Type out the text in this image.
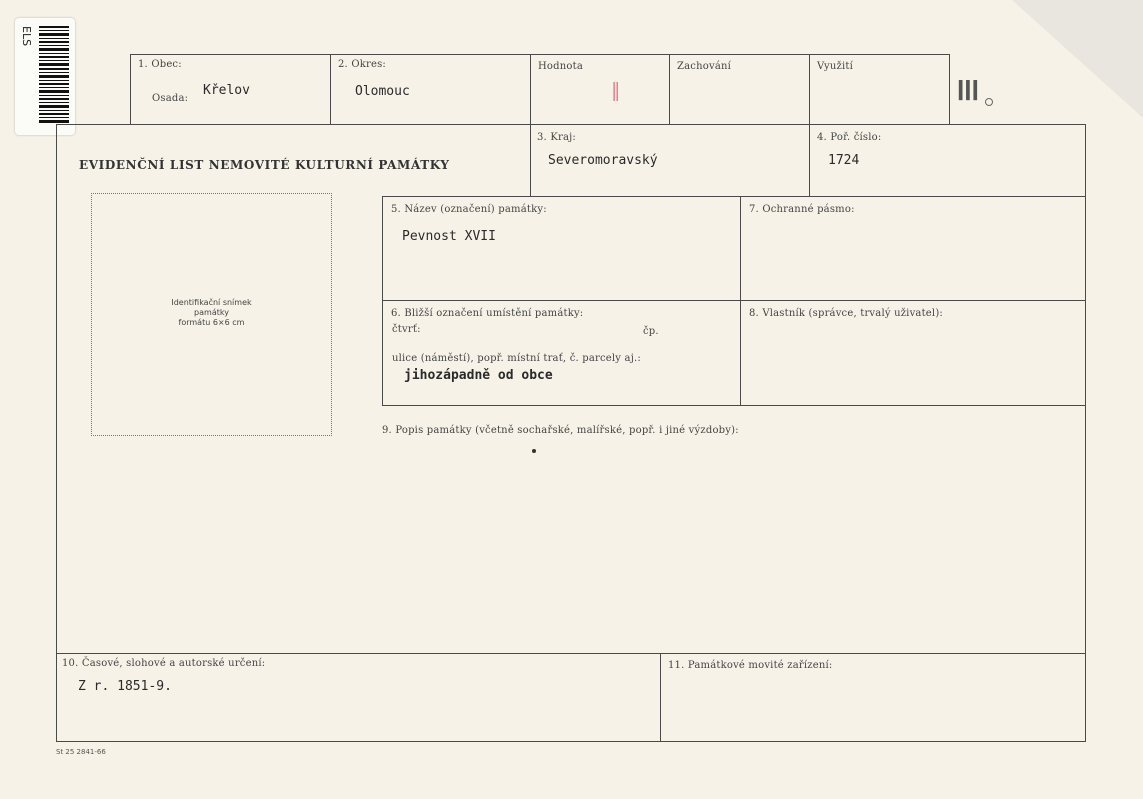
ELS
1. Obec:
Osada:
Křelov
2. Okres:
Olomouc
Hodnota
II
Zachování	Využití
III
EVIDENČNÍ LIST NEMOVITÉ KULTURNÍ PAMÁTKY
3. Kraj:
Severomoravský
4. Poř. číslo:
1724
Identifikační snímek
památky
formátu 6×6 cm
5. Název (označení) památky:
Pevnost XVII
7. Ochranné pásmo:
6. Bližší označení umístění památky:
čtvrť:	čp.
ulice (náměstí), popř. místní trať, č. parcely aj.:
jihozápadně od obce
8. Vlastník (správce, trvalý uživatel):
9. Popis památky (včetně sochařské, malířské, popř. i jiné výzdoby):
10. Časové, slohové a autorské určení:
Z r. 1851-9.
11. Památkové movité zařízení:
St 25 2841-66
